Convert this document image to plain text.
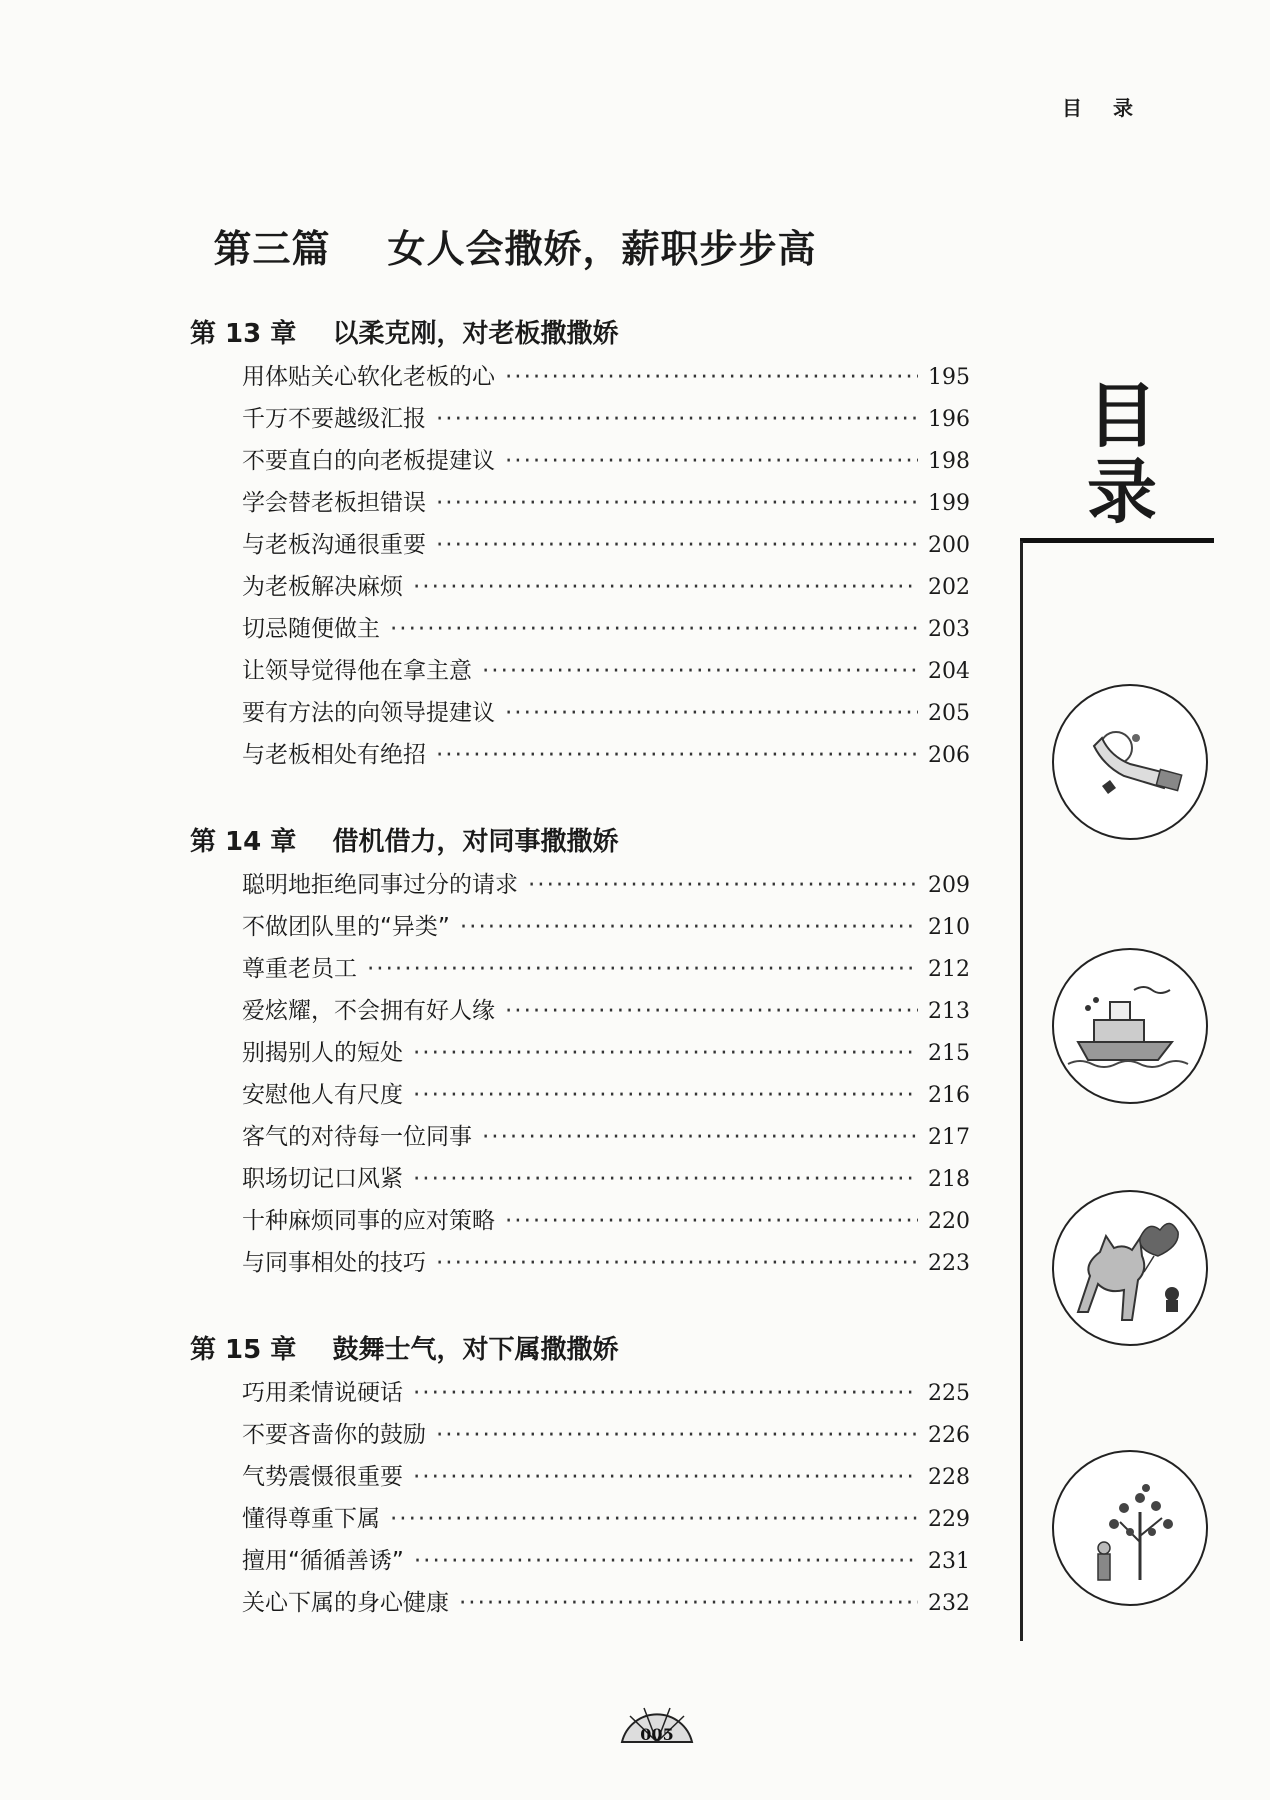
目 录
第三篇    女人会撒娇，薪职步步高
第 13 章    以柔克刚，对老板撒撒娇
用体贴关心软化老板的心 ·····	195
千万不要越级汇报 ·····	196
不要直白的向老板提建议 ·····	198
学会替老板担错误 ·····	199
与老板沟通很重要 ·····	200
为老板解决麻烦 ·····	202
切忌随便做主 ·····	203
让领导觉得他在拿主意 ·····	204
要有方法的向领导提建议 ·····	205
与老板相处有绝招 ·····	206
第 14 章    借机借力，对同事撒撒娇
聪明地拒绝同事过分的请求 ·····	209
不做团队里的“异类” ·····	210
尊重老员工 ·····	212
爱炫耀，不会拥有好人缘 ·····	213
别揭别人的短处 ·····	215
安慰他人有尺度 ·····	216
客气的对待每一位同事 ·····	217
职场切记口风紧 ·····	218
十种麻烦同事的应对策略 ·····	220
与同事相处的技巧 ·····	223
第 15 章    鼓舞士气，对下属撒撒娇
巧用柔情说硬话 ·····	225
不要吝啬你的鼓励 ·····	226
气势震慑很重要 ·····	228
懂得尊重下属 ·····	229
擅用“循循善诱” ·····	231
关心下属的身心健康 ·····	232
目
录
005
